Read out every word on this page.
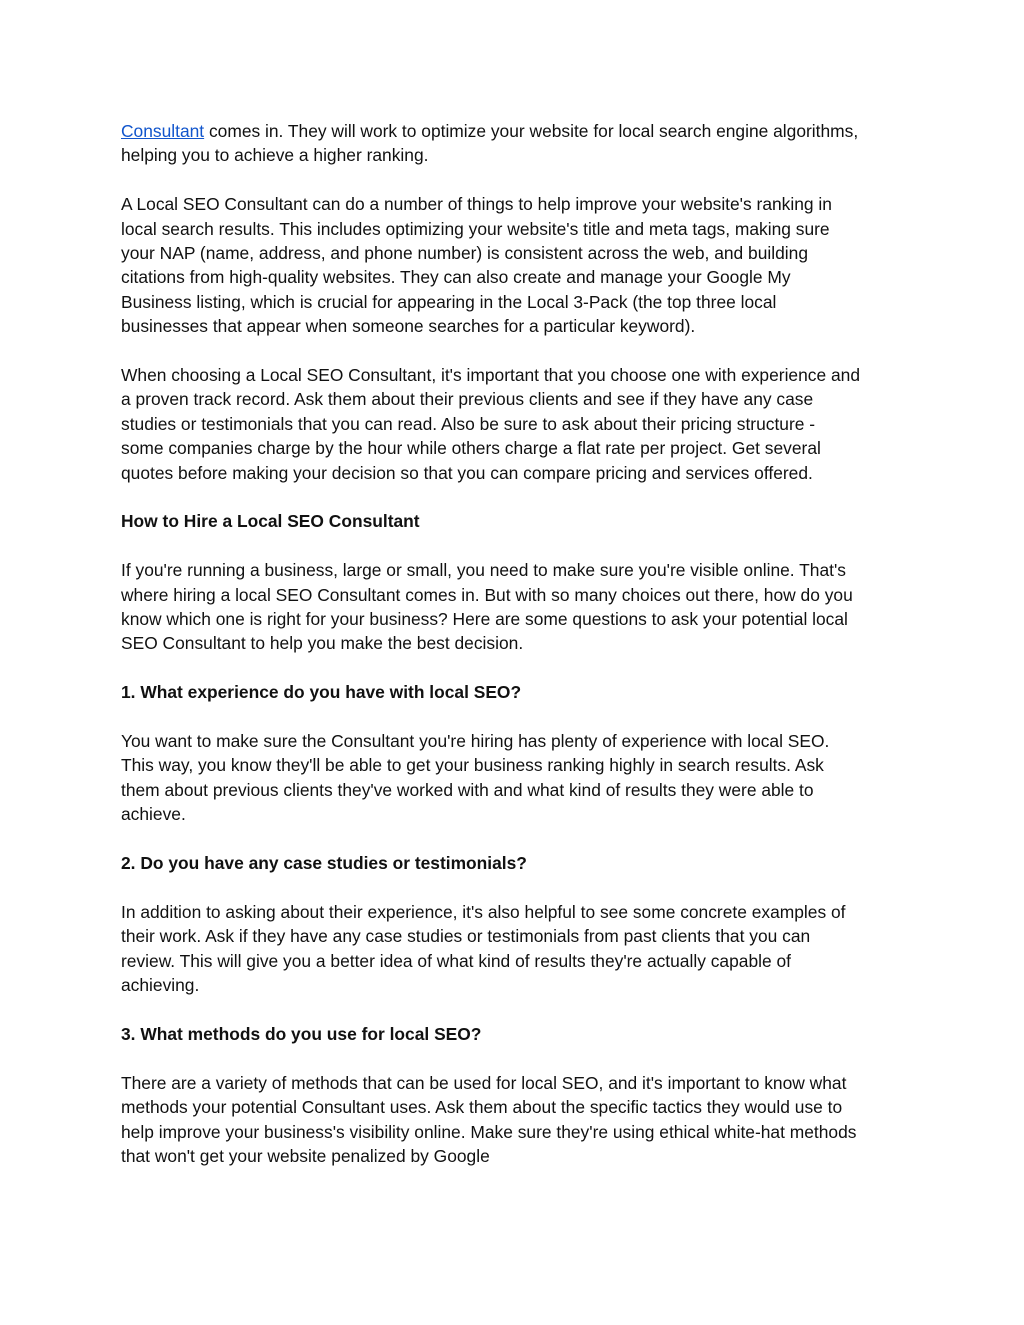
Consultant comes in. They will work to optimize your website for local search engine algorithms,
helping you to achieve a higher ranking.

A Local SEO Consultant can do a number of things to help improve your website's ranking in
local search results. This includes optimizing your website's title and meta tags, making sure
your NAP (name, address, and phone number) is consistent across the web, and building
citations from high-quality websites. They can also create and manage your Google My
Business listing, which is crucial for appearing in the Local 3-Pack (the top three local
businesses that appear when someone searches for a particular keyword).

When choosing a Local SEO Consultant, it's important that you choose one with experience and
a proven track record. Ask them about their previous clients and see if they have any case
studies or testimonials that you can read. Also be sure to ask about their pricing structure -
some companies charge by the hour while others charge a flat rate per project. Get several
quotes before making your decision so that you can compare pricing and services offered.

How to Hire a Local SEO Consultant

If you're running a business, large or small, you need to make sure you're visible online. That's
where hiring a local SEO Consultant comes in. But with so many choices out there, how do you
know which one is right for your business? Here are some questions to ask your potential local
SEO Consultant to help you make the best decision.

1. What experience do you have with local SEO?

You want to make sure the Consultant you're hiring has plenty of experience with local SEO.
This way, you know they'll be able to get your business ranking highly in search results. Ask
them about previous clients they've worked with and what kind of results they were able to
achieve.

2. Do you have any case studies or testimonials?

In addition to asking about their experience, it's also helpful to see some concrete examples of
their work. Ask if they have any case studies or testimonials from past clients that you can
review. This will give you a better idea of what kind of results they're actually capable of
achieving.

3. What methods do you use for local SEO?

There are a variety of methods that can be used for local SEO, and it's important to know what
methods your potential Consultant uses. Ask them about the specific tactics they would use to
help improve your business's visibility online. Make sure they're using ethical white-hat methods
that won't get your website penalized by Google
